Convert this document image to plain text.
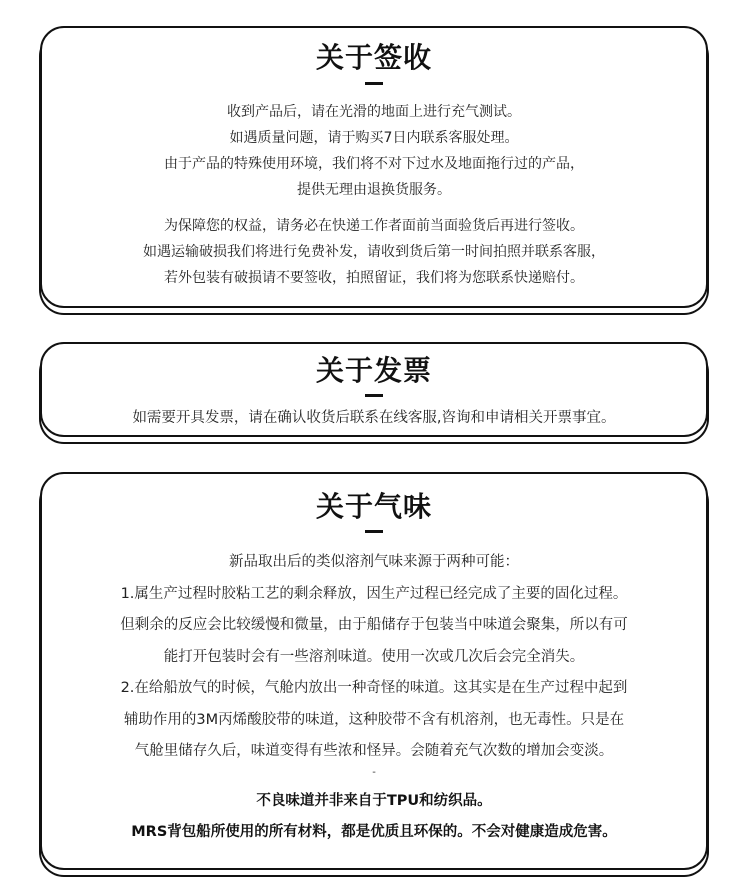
关于签收

收到产品后，请在光滑的地面上进行充气测试。

如遇质量问题，请于购买7日内联系客服处理。

由于产品的特殊使用环境，我们将不对下过水及地面拖行过的产品，

提供无理由退换货服务。

为保障您的权益，请务必在快递工作者面前当面验货后再进行签收。

如遇运输破损我们将进行免费补发，请收到货后第一时间拍照并联系客服，

若外包装有破损请不要签收，拍照留证，我们将为您联系快递赔付。

关于发票

如需要开具发票，请在确认收货后联系在线客服,咨询和申请相关开票事宜。

关于气味

新品取出后的类似溶剂气味来源于两种可能：

1.属生产过程时胶粘工艺的剩余释放，因生产过程已经完成了主要的固化过程。

但剩余的反应会比较缓慢和微量，由于船储存于包装当中味道会聚集，所以有可

能打开包装时会有一些溶剂味道。使用一次或几次后会完全消失。

2.在给船放气的时候，气舱内放出一种奇怪的味道。这其实是在生产过程中起到

辅助作用的3M丙烯酸胶带的味道，这种胶带不含有机溶剂，也无毒性。只是在

气舱里储存久后，味道变得有些浓和怪异。会随着充气次数的增加会变淡。

-

不良味道并非来自于TPU和纺织品。

MRS背包船所使用的所有材料，都是优质且环保的。不会对健康造成危害。
